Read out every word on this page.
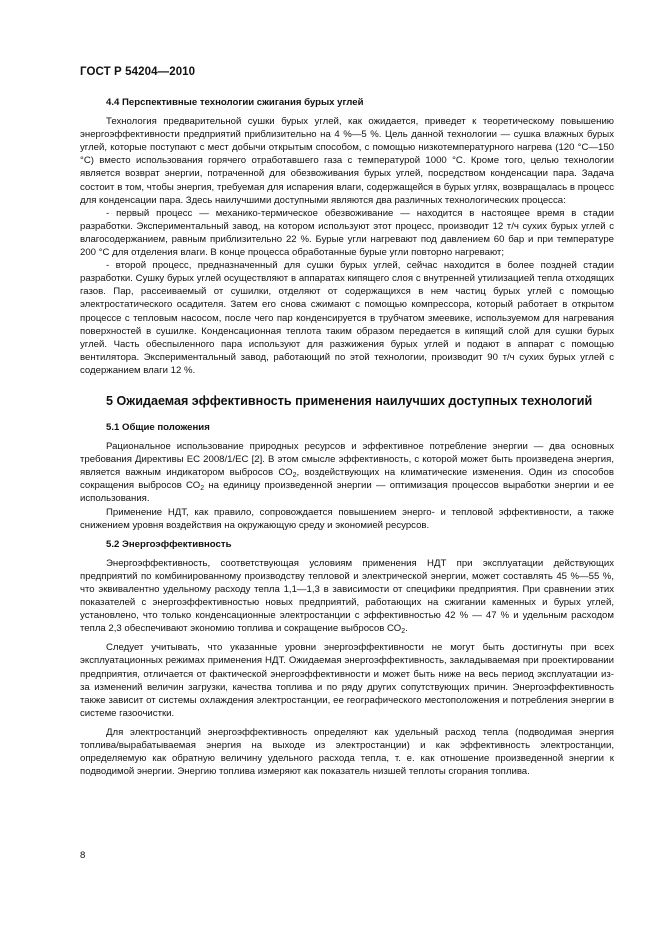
ГОСТ Р 54204—2010
4.4 Перспективные технологии сжигания бурых углей

Технология предварительной сушки бурых углей, как ожидается, приведет к теоретическому повышению энергоэффективности предприятий приблизительно на 4 %—5 %. Цель данной технологии — сушка влажных бурых углей, которые поступают с мест добычи открытым способом, с помощью низкотемпературного нагрева (120 °С—150 °С) вместо использования горячего отработавшего газа с температурой 1000 °С. Кроме того, целью технологии является возврат энергии, потраченной для обезвоживания бурых углей, посредством конденсации пара. Задача состоит в том, чтобы энергия, требуемая для испарения влаги, содержащейся в бурых углях, возвращалась в процесс для конденсации пара. Здесь наилучшими доступными являются два различных технологических процесса:

- первый процесс — механико-термическое обезвоживание — находится в настоящее время в стадии разработки. Экспериментальный завод, на котором используют этот процесс, производит 12 т/ч сухих бурых углей с влагосодержанием, равным приблизительно 22 %. Бурые угли нагревают под давлением 60 бар и при температуре 200 °С для отделения влаги. В конце процесса обработанные бурые угли повторно нагревают;

- второй процесс, предназначенный для сушки бурых углей, сейчас находится в более поздней стадии разработки. Сушку бурых углей осуществляют в аппаратах кипящего слоя с внутренней утилизацией тепла отходящих газов. Пар, рассеиваемый от сушилки, отделяют от содержащихся в нем частиц бурых углей с помощью электростатического осадителя. Затем его снова сжимают с помощью компрессора, который работает в открытом процессе с тепловым насосом, после чего пар конденсируется в трубчатом змеевике, используемом для нагревания поверхностей в сушилке. Конденсационная теплота таким образом передается в кипящий слой для сушки бурых углей. Часть обеспыленного пара используют для разжижения бурых углей и подают в аппарат с помощью вентилятора. Экспериментальный завод, работающий по этой технологии, производит 90 т/ч сухих бурых углей с содержанием влаги 12 %.

5 Ожидаемая эффективность применения наилучших доступных технологий
5.1 Общие положения

Рациональное использование природных ресурсов и эффективное потребление энергии — два основных требования Директивы ЕС 2008/1/ЕС [2]. В этом смысле эффективность, с которой может быть произведена энергия, является важным индикатором выбросов $СО_2$, воздействующих на климатические изменения. Один из способов сокращения выбросов $СО_2$ на единицу произведенной энергии — оптимизация процессов выработки энергии и ее использования.

Применение НДТ, как правило, сопровождается повышением энерго- и тепловой эффективности, а также снижением уровня воздействия на окружающую среду и экономией ресурсов.

5.2 Энергоэффективность

Энергоэффективность, соответствующая условиям применения НДТ при эксплуатации действующих предприятий по комбинированному производству тепловой и электрической энергии, может составлять 45 %—55 %, что эквивалентно удельному расходу тепла 1,1—1,3 в зависимости от специфики предприятия. При сравнении этих показателей с энергоэффективностью новых предприятий, работающих на сжигании каменных и бурых углей, установлено, что только конденсационные электростанции с эффективностью 42 % — 47 % и удельным расходом тепла 2,3 обеспечивают экономию топлива и сокращение выбросов $СО_2$.

Следует учитывать, что указанные уровни энергоэффективности не могут быть достигнуты при всех эксплуатационных режимах применения НДТ. Ожидаемая энергоэффективность, закладываемая при проектировании предприятия, отличается от фактической энергоэффективности и может быть ниже на весь период эксплуатации из-за изменений величин загрузки, качества топлива и по ряду других сопутствующих причин. Энергоэффективность также зависит от системы охлаждения электростанции, ее географического местоположения и потребления энергии в системе газоочистки.

Для электростанций энергоэффективность определяют как удельный расход тепла (подводимая энергия топлива/вырабатываемая энергия на выходе из электростанции) и как эффективность электростанции, определяемую как обратную величину удельного расхода тепла, т. е. как отношение произведенной энергии к подводимой энергии. Энергию топлива измеряют как показатель низшей теплоты сгорания топлива.

8
